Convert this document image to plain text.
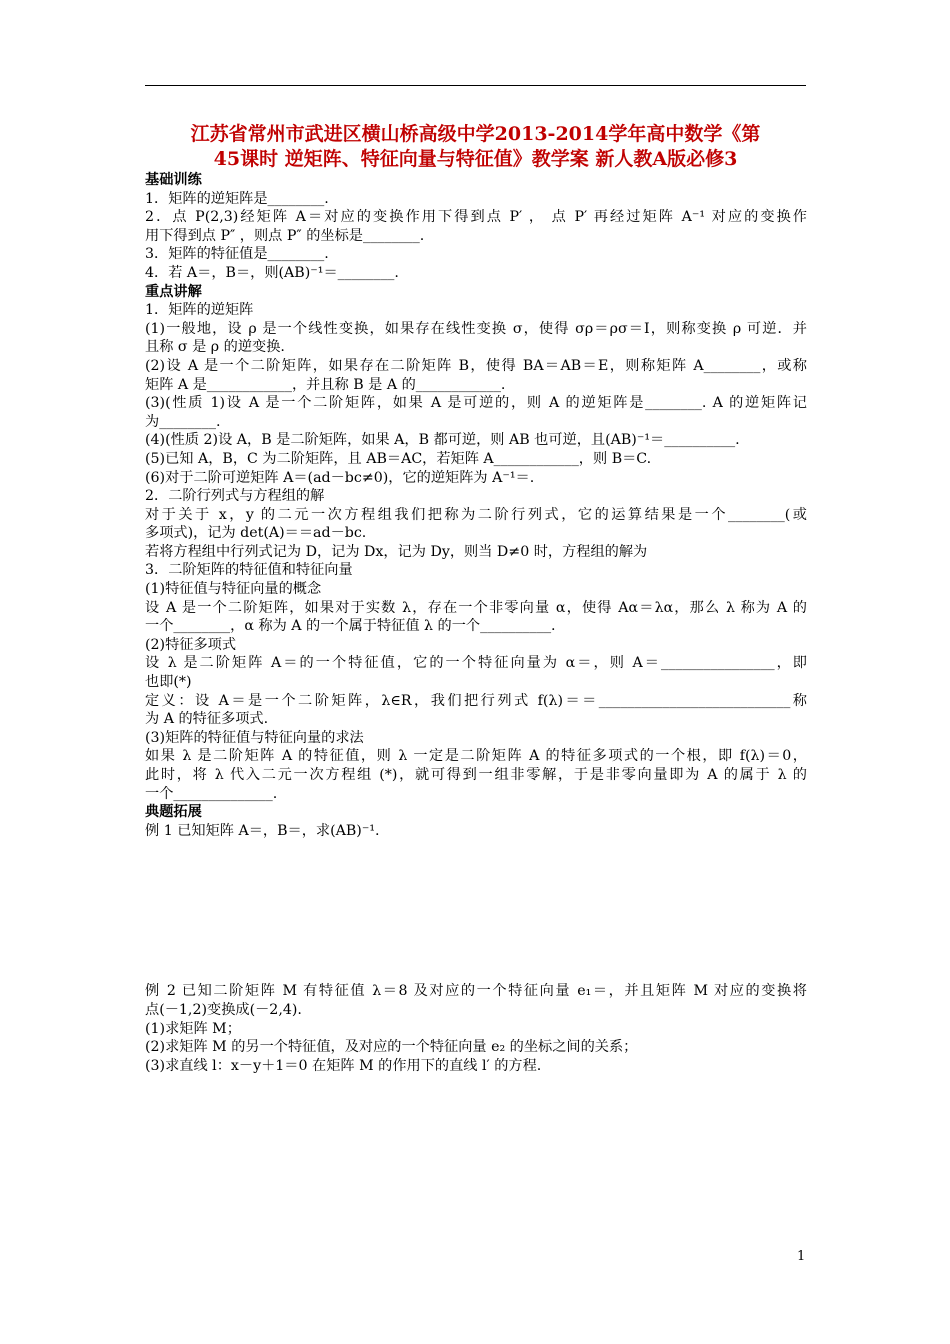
江苏省常州市武进区横山桥高级中学2013-2014学年高中数学《第
45课时 逆矩阵、特征向量与特征值》教学案 新人教A版必修3
基础训练
1．矩阵的逆矩阵是________.
2．点 P(2,3)经矩阵 A＝对应的变换作用下得到点 P′ ， 点 P′ 再经过矩阵 A⁻¹ 对应的变换作
用下得到点 P″ ，则点 P″ 的坐标是________.
3．矩阵的特征值是________.
4．若 A＝，B＝，则(AB)⁻¹＝________.
重点讲解
1．矩阵的逆矩阵
(1)一般地，设 ρ 是一个线性变换，如果存在线性变换 σ，使得 σρ＝ρσ＝I，则称变换 ρ 可逆．并
且称 σ 是 ρ 的逆变换.
(2)设 A 是一个二阶矩阵，如果存在二阶矩阵 B，使得 BA＝AB＝E，则称矩阵 A________，或称
矩阵 A 是____________，并且称 B 是 A 的____________.
(3)(性质 1)设 A 是一个二阶矩阵，如果 A 是可逆的，则 A 的逆矩阵是________. A 的逆矩阵记
为________.
(4)(性质 2)设 A，B 是二阶矩阵，如果 A，B 都可逆，则 AB 也可逆，且(AB)⁻¹＝__________.
(5)已知 A，B，C 为二阶矩阵，且 AB＝AC，若矩阵 A____________，则 B＝C.
(6)对于二阶可逆矩阵 A＝(ad－bc≠0)，它的逆矩阵为 A⁻¹＝.
2．二阶行列式与方程组的解
对于关于 x，y 的二元一次方程组我们把称为二阶行列式，它的运算结果是一个________(或
多项式)，记为 det(A)＝＝ad－bc.
若将方程组中行列式记为 D，记为 Dx，记为 Dy，则当 D≠0 时，方程组的解为
3．二阶矩阵的特征值和特征向量
(1)特征值与特征向量的概念
设 A 是一个二阶矩阵，如果对于实数 λ，存在一个非零向量 α，使得 Aα＝λα，那么 λ 称为 A 的
一个________，α 称为 A 的一个属于特征值 λ 的一个__________.
(2)特征多项式
设 λ 是二阶矩阵 A＝的一个特征值，它的一个特征向量为 α＝，则 A＝________________，即
也即(*)
定义：设 A＝是一个二阶矩阵，λ∈R，我们把行列式 f(λ)＝＝___________________________称
为 A 的特征多项式.
(3)矩阵的特征值与特征向量的求法
如果 λ 是二阶矩阵 A 的特征值，则 λ 一定是二阶矩阵 A 的特征多项式的一个根，即 f(λ)＝0，
此时，将 λ 代入二元一次方程组 (*)，就可得到一组非零解，于是非零向量即为 A 的属于 λ 的
一个______________.
典题拓展
例 1 已知矩阵 A＝，B＝，求(AB)⁻¹.
例 2 已知二阶矩阵 M 有特征值 λ＝8 及对应的一个特征向量 e₁＝，并且矩阵 M 对应的变换将
点(－1,2)变换成(－2,4).
(1)求矩阵 M；
(2)求矩阵 M 的另一个特征值，及对应的一个特征向量 e₂ 的坐标之间的关系；
(3)求直线 l：x－y＋1＝0 在矩阵 M 的作用下的直线 l′ 的方程.
1
